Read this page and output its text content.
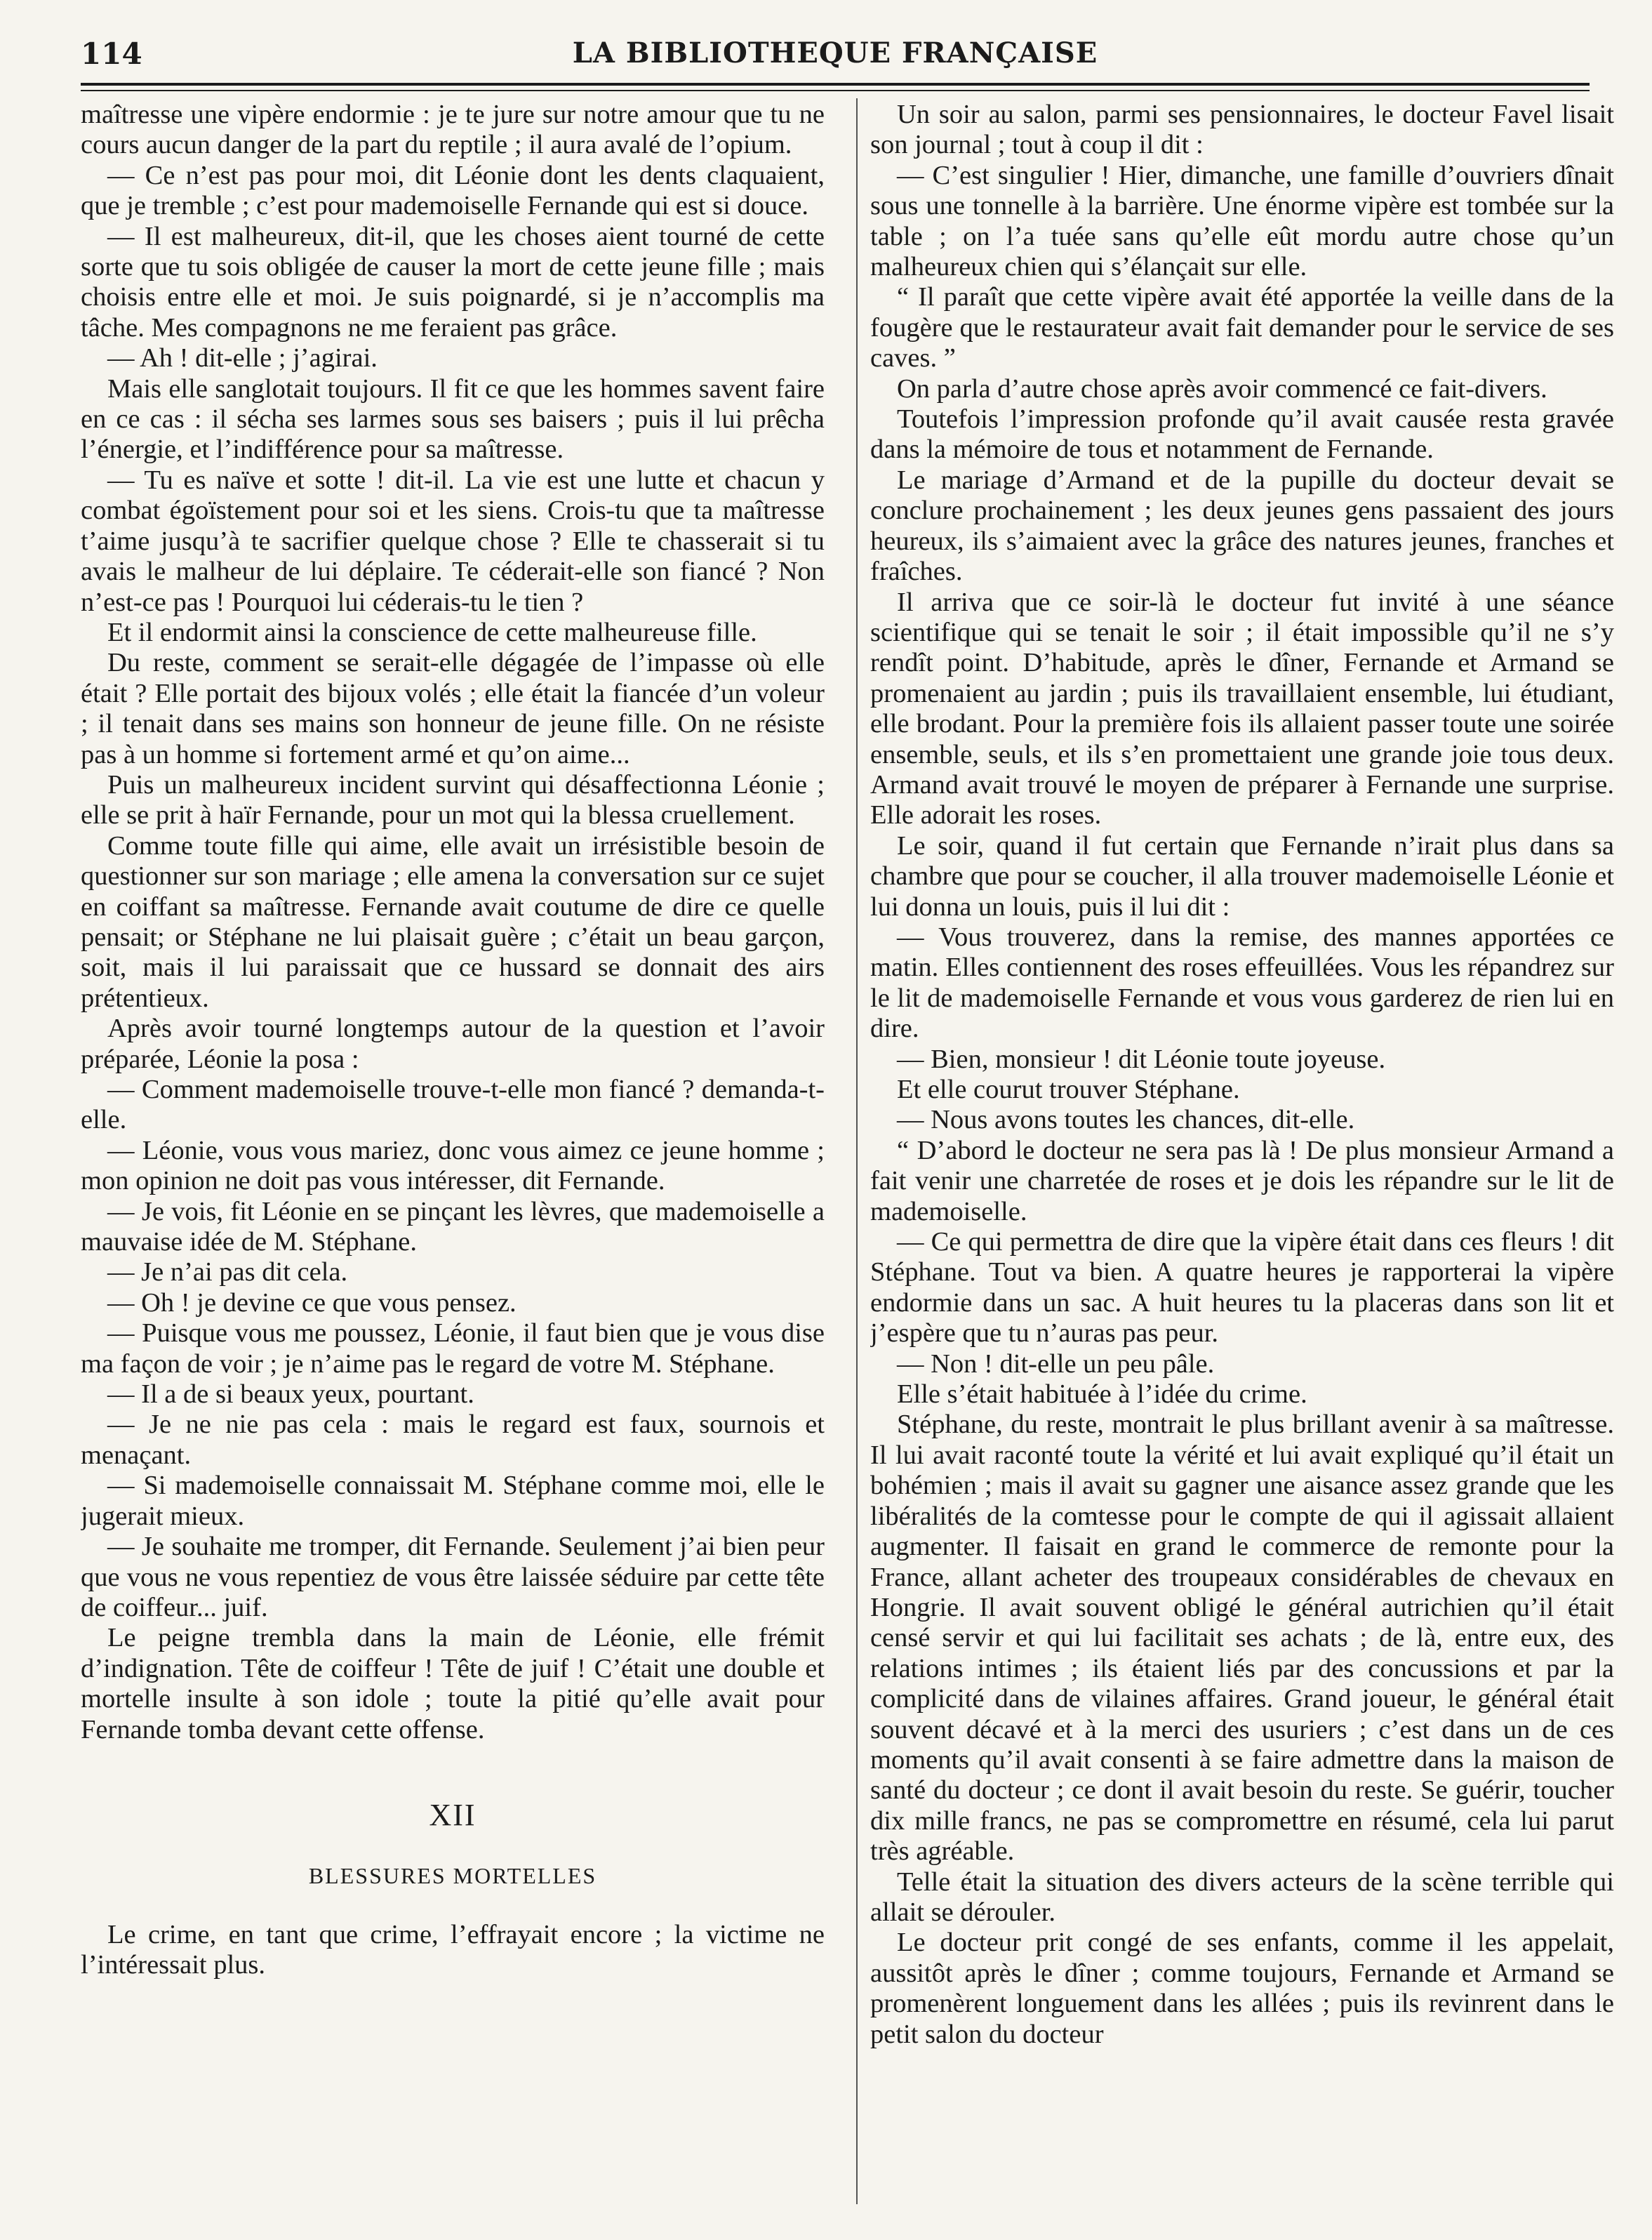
114	LA BIBLIOTHEQUE FRANÇAISE

maîtresse une vipère endormie : je te jure sur notre amour que tu ne cours aucun danger de la part du reptile ; il aura avalé de l’opium.

— Ce n’est pas pour moi, dit Léonie dont les dents claquaient, que je tremble ; c’est pour mademoiselle Fernande qui est si douce.

— Il est malheureux, dit-il, que les choses aient tourné de cette sorte que tu sois obligée de causer la mort de cette jeune fille ; mais choisis entre elle et moi. Je suis poignardé, si je n’accomplis ma tâche. Mes compagnons ne me feraient pas grâce.

— Ah ! dit-elle ; j’agirai.

Mais elle sanglotait toujours. Il fit ce que les hommes savent faire en ce cas : il sécha ses larmes sous ses baisers ; puis il lui prêcha l’énergie, et l’indifférence pour sa maîtresse.

— Tu es naïve et sotte ! dit-il. La vie est une lutte et chacun y combat égoïstement pour soi et les siens. Crois-tu que ta maîtresse t’aime jusqu’à te sacrifier quelque chose ? Elle te chasserait si tu avais le malheur de lui déplaire. Te céderait-elle son fiancé ? Non n’est-ce pas ! Pourquoi lui céderais-tu le tien ?

Et il endormit ainsi la conscience de cette malheureuse fille.

Du reste, comment se serait-elle dégagée de l’impasse où elle était ? Elle portait des bijoux volés ; elle était la fiancée d’un voleur ; il tenait dans ses mains son honneur de jeune fille. On ne résiste pas à un homme si fortement armé et qu’on aime...

Puis un malheureux incident survint qui désaffectionna Léonie ; elle se prit à haïr Fernande, pour un mot qui la blessa cruellement.

Comme toute fille qui aime, elle avait un irrésistible besoin de questionner sur son mariage ; elle amena la conversation sur ce sujet en coiffant sa maîtresse. Fernande avait coutume de dire ce quelle pensait; or Stéphane ne lui plaisait guère ; c’était un beau garçon, soit, mais il lui paraissait que ce hussard se donnait des airs prétentieux.

Après avoir tourné longtemps autour de la question et l’avoir préparée, Léonie la posa :

— Comment mademoiselle trouve-t-elle mon fiancé ? demanda-t-elle.

— Léonie, vous vous mariez, donc vous aimez ce jeune homme ; mon opinion ne doit pas vous intéresser, dit Fernande.

— Je vois, fit Léonie en se pinçant les lèvres, que mademoiselle a mauvaise idée de M. Stéphane.

— Je n’ai pas dit cela.

— Oh ! je devine ce que vous pensez.

— Puisque vous me poussez, Léonie, il faut bien que je vous dise ma façon de voir ; je n’aime pas le regard de votre M. Stéphane.

— Il a de si beaux yeux, pourtant.

— Je ne nie pas cela : mais le regard est faux, sournois et menaçant.

— Si mademoiselle connaissait M. Stéphane comme moi, elle le jugerait mieux.

— Je souhaite me tromper, dit Fernande. Seulement j’ai bien peur que vous ne vous repentiez de vous être laissée séduire par cette tête de coiffeur... juif.

Le peigne trembla dans la main de Léonie, elle frémit d’indignation. Tête de coiffeur ! Tête de juif ! C’était une double et mortelle insulte à son idole ; toute la pitié qu’elle avait pour Fernande tomba devant cette offense.

XII
BLESSURES MORTELLES

Le crime, en tant que crime, l’effrayait encore ; la victime ne l’intéressait plus.

Un soir au salon, parmi ses pensionnaires, le docteur Favel lisait son journal ; tout à coup il dit :

— C’est singulier ! Hier, dimanche, une famille d’ouvriers dînait sous une tonnelle à la barrière. Une énorme vipère est tombée sur la table ; on l’a tuée sans qu’elle eût mordu autre chose qu’un malheureux chien qui s’élançait sur elle.

“ Il paraît que cette vipère avait été apportée la veille dans de la fougère que le restaurateur avait fait demander pour le service de ses caves. ”

On parla d’autre chose après avoir commencé ce fait-divers.

Toutefois l’impression profonde qu’il avait causée resta gravée dans la mémoire de tous et notamment de Fernande.

Le mariage d’Armand et de la pupille du docteur devait se conclure prochainement ; les deux jeunes gens passaient des jours heureux, ils s’aimaient avec la grâce des natures jeunes, franches et fraîches.

Il arriva que ce soir-là le docteur fut invité à une séance scientifique qui se tenait le soir ; il était impossible qu’il ne s’y rendît point. D’habitude, après le dîner, Fernande et Armand se promenaient au jardin ; puis ils travaillaient ensemble, lui étudiant, elle brodant. Pour la première fois ils allaient passer toute une soirée ensemble, seuls, et ils s’en promettaient une grande joie tous deux. Armand avait trouvé le moyen de préparer à Fernande une surprise. Elle adorait les roses.

Le soir, quand il fut certain que Fernande n’irait plus dans sa chambre que pour se coucher, il alla trouver mademoiselle Léonie et lui donna un louis, puis il lui dit :

— Vous trouverez, dans la remise, des mannes apportées ce matin. Elles contiennent des roses effeuillées. Vous les répandrez sur le lit de mademoiselle Fernande et vous vous garderez de rien lui en dire.

— Bien, monsieur ! dit Léonie toute joyeuse.

Et elle courut trouver Stéphane.

— Nous avons toutes les chances, dit-elle.

“ D’abord le docteur ne sera pas là ! De plus monsieur Armand a fait venir une charretée de roses et je dois les répandre sur le lit de mademoiselle.

— Ce qui permettra de dire que la vipère était dans ces fleurs ! dit Stéphane. Tout va bien. A quatre heures je rapporterai la vipère endormie dans un sac. A huit heures tu la placeras dans son lit et j’espère que tu n’auras pas peur.

— Non ! dit-elle un peu pâle.

Elle s’était habituée à l’idée du crime.

Stéphane, du reste, montrait le plus brillant avenir à sa maîtresse. Il lui avait raconté toute la vérité et lui avait expliqué qu’il était un bohémien ; mais il avait su gagner une aisance assez grande que les libéralités de la comtesse pour le compte de qui il agissait allaient augmenter. Il faisait en grand le commerce de remonte pour la France, allant acheter des troupeaux considérables de chevaux en Hongrie. Il avait souvent obligé le général autrichien qu’il était censé servir et qui lui facilitait ses achats ; de là, entre eux, des relations intimes ; ils étaient liés par des concussions et par la complicité dans de vilaines affaires. Grand joueur, le général était souvent décavé et à la merci des usuriers ; c’est dans un de ces moments qu’il avait consenti à se faire admettre dans la maison de santé du docteur ; ce dont il avait besoin du reste. Se guérir, toucher dix mille francs, ne pas se compromettre en résumé, cela lui parut très agréable.

Telle était la situation des divers acteurs de la scène terrible qui allait se dérouler.

Le docteur prit congé de ses enfants, comme il les appelait, aussitôt après le dîner ; comme toujours, Fernande et Armand se promenèrent longuement dans les allées ; puis ils revinrent dans le petit salon du docteur
